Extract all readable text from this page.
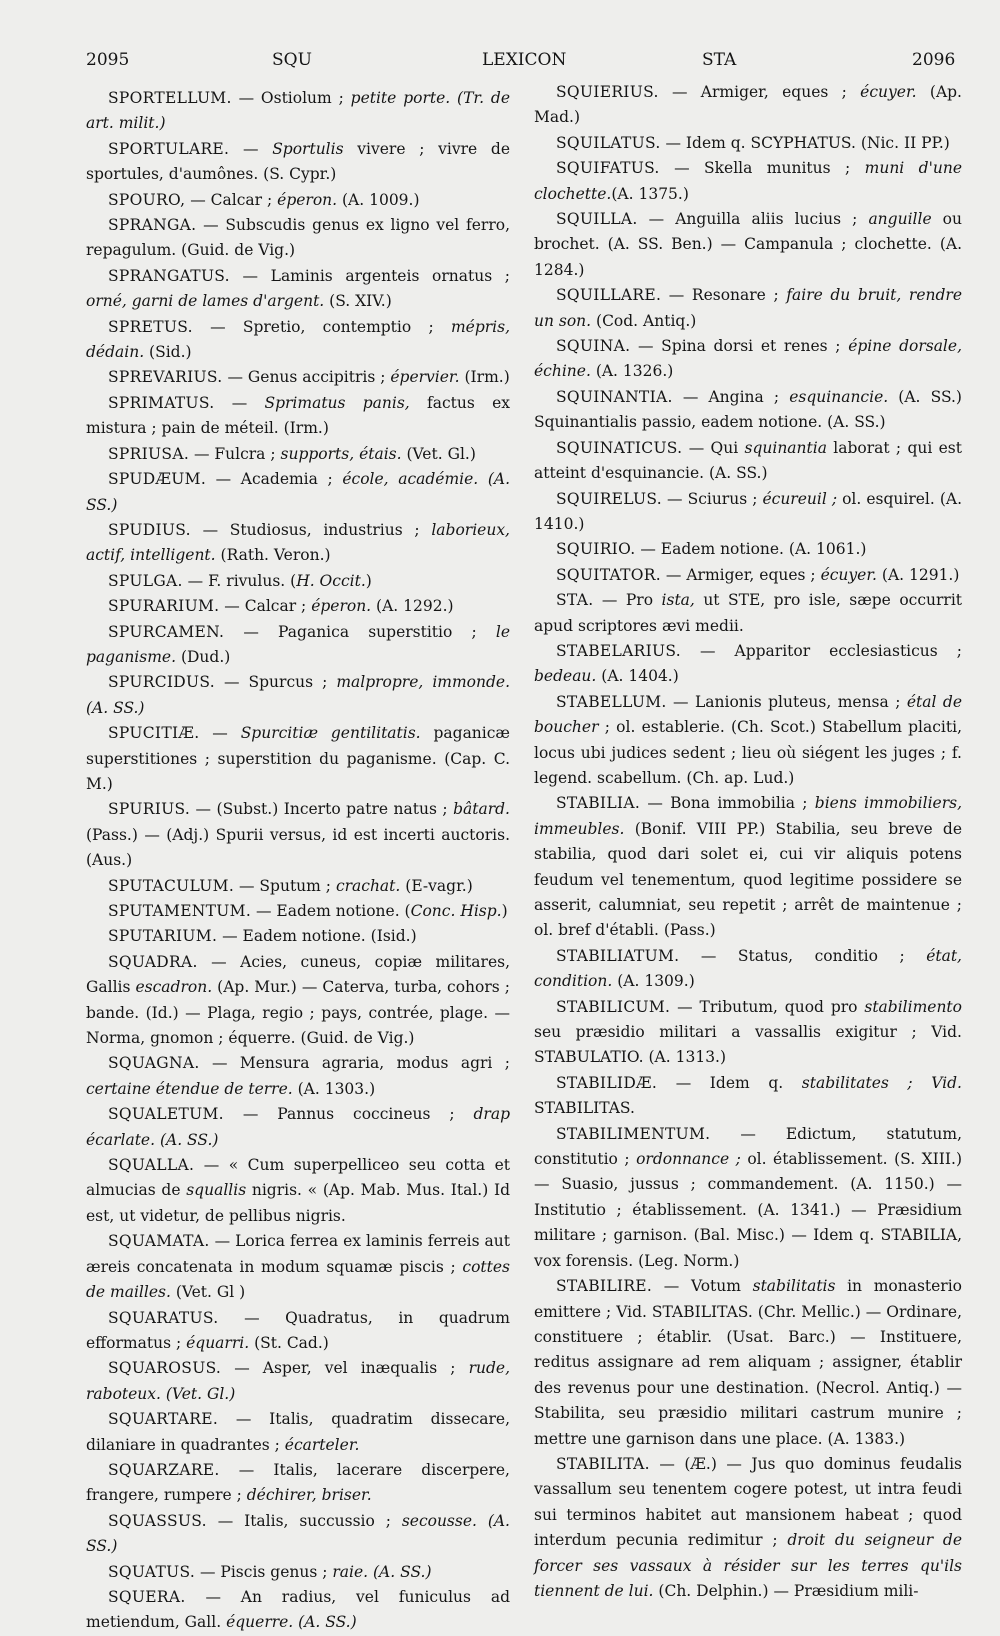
2095	SQU	LEXICON	STA	2096

SPORTELLUM. — Ostiolum ; petite porte. (Tr. de art. milit.)

SPORTULARE. — Sportulis vivere ; vivre de sportules, d'aumônes. (S. Cypr.)

SPOURO, — Calcar ; éperon. (A. 1009.)

SPRANGA. — Subscudis genus ex ligno vel ferro, repagulum. (Guid. de Vig.)

SPRANGATUS. — Laminis argenteis ornatus ; orné, garni de lames d'argent. (S. XIV.)

SPRETUS. — Spretio, contemptio ; mépris, dédain. (Sid.)

SPREVARIUS. — Genus accipitris ; épervier. (Irm.)

SPRIMATUS. — Sprimatus panis, factus ex mistura ; pain de méteil. (Irm.)

SPRIUSA. — Fulcra ; supports, étais. (Vet. Gl.)

SPUDÆUM. — Academia ; école, académie. (A. SS.)

SPUDIUS. — Studiosus, industrius ; laborieux, actif, intelligent. (Rath. Veron.)

SPULGA. — F. rivulus. (H. Occit.)

SPURARIUM. — Calcar ; éperon. (A. 1292.)

SPURCAMEN. — Paganica superstitio ; le paganisme. (Dud.)

SPURCIDUS. — Spurcus ; malpropre, immonde. (A. SS.)

SPUCITIÆ. — Spurcitiæ gentilitatis. paganicæ superstitiones ; superstition du paganisme. (Cap. C. M.)

SPURIUS. — (Subst.) Incerto patre natus ; bâtard. (Pass.) — (Adj.) Spurii versus, id est incerti auctoris. (Aus.)

SPUTACULUM. — Sputum ; crachat. (E-vagr.)

SPUTAMENTUM. — Eadem notione. (Conc. Hisp.)

SPUTARIUM. — Eadem notione. (Isid.)

SQUADRA. — Acies, cuneus, copiæ militares, Gallis escadron. (Ap. Mur.) — Caterva, turba, cohors ; bande. (Id.) — Plaga, regio ; pays, contrée, plage. — Norma, gnomon ; équerre. (Guid. de Vig.)

SQUAGNA. — Mensura agraria, modus agri ; certaine étendue de terre. (A. 1303.)

SQUALETUM. — Pannus coccineus ; drap écarlate. (A. SS.)

SQUALLA. — « Cum superpelliceo seu cotta et almucias de squallis nigris. « (Ap. Mab. Mus. Ital.) Id est, ut videtur, de pellibus nigris.

SQUAMATA. — Lorica ferrea ex laminis ferreis aut æreis concatenata in modum squamæ piscis ; cottes de mailles. (Vet. Gl )

SQUARATUS. — Quadratus, in quadrum efformatus ; équarri. (St. Cad.)

SQUAROSUS. — Asper, vel inæqualis ; rude, raboteux. (Vet. Gl.)

SQUARTARE. — Italis, quadratim dissecare, dilaniare in quadrantes ; écarteler.

SQUARZARE. — Italis, lacerare discerpere, frangere, rumpere ; déchirer, briser.

SQUASSUS. — Italis, succussio ; secousse. (A. SS.)

SQUATUS. — Piscis genus ; raie. (A. SS.)

SQUERA. — An radius, vel funiculus ad metiendum, Gall. équerre. (A. SS.)

SQUIERIUS. — Armiger, eques ; écuyer. (Ap. Mad.)

SQUILATUS. — Idem q. SCYPHATUS. (Nic. II PP.)

SQUIFATUS. — Skella munitus ; muni d'une clochette.(A. 1375.)

SQUILLA. — Anguilla aliis lucius ; anguille ou brochet. (A. SS. Ben.) — Campanula ; clochette. (A. 1284.)

SQUILLARE. — Resonare ; faire du bruit, rendre un son. (Cod. Antiq.)

SQUINA. — Spina dorsi et renes ; épine dorsale, échine. (A. 1326.)

SQUINANTIA. — Angina ; esquinancie. (A. SS.) Squinantialis passio, eadem notione. (A. SS.)

SQUINATICUS. — Qui squinantia laborat ; qui est atteint d'esquinancie. (A. SS.)

SQUIRELUS. — Sciurus ; écureuil ; ol. esquirel. (A. 1410.)

SQUIRIO. — Eadem notione. (A. 1061.)

SQUITATOR. — Armiger, eques ; écuyer. (A. 1291.)

STA. — Pro ista, ut STE, pro isle, sæpe occurrit apud scriptores ævi medii.

STABELARIUS. — Apparitor ecclesiasticus ; bedeau. (A. 1404.)

STABELLUM. — Lanionis pluteus, mensa ; étal de boucher ; ol. establerie. (Ch. Scot.) Stabellum placiti, locus ubi judices sedent ; lieu où siégent les juges ; f. legend. scabellum. (Ch. ap. Lud.)

STABILIA. — Bona immobilia ; biens immobiliers, immeubles. (Bonif. VIII PP.) Stabilia, seu breve de stabilia, quod dari solet ei, cui vir aliquis potens feudum vel tenementum, quod legitime possidere se asserit, calumniat, seu repetit ; arrêt de maintenue ; ol. bref d'établi. (Pass.)

STABILIATUM. — Status, conditio ; état, condition. (A. 1309.)

STABILICUM. — Tributum, quod pro stabilimento seu præsidio militari a vassallis exigitur ; Vid. STABULATIO. (A. 1313.)

STABILIDÆ. — Idem q. stabilitates ; Vid. STABILITAS.

STABILIMENTUM. — Edictum, statutum, constitutio ; ordonnance ; ol. établissement. (S. XIII.) — Suasio, jussus ; commandement. (A. 1150.) — Institutio ; établissement. (A. 1341.) — Præsidium militare ; garnison. (Bal. Misc.) — Idem q. STABILIA, vox forensis. (Leg. Norm.)

STABILIRE. — Votum stabilitatis in monasterio emittere ; Vid. STABILITAS. (Chr. Mellic.) — Ordinare, constituere ; établir. (Usat. Barc.) — Instituere, reditus assignare ad rem aliquam ; assigner, établir des revenus pour une destination. (Necrol. Antiq.) — Stabilita, seu præsidio militari castrum munire ; mettre une garnison dans une place. (A. 1383.)

STABILITA. — (Æ.) — Jus quo dominus feudalis vassallum seu tenentem cogere potest, ut intra feudi sui terminos habitet aut mansionem habeat ; quod interdum pecunia redimitur ; droit du seigneur de forcer ses vassaux à résider sur les terres qu'ils tiennent de lui. (Ch. Delphin.) — Præsidium mili-
